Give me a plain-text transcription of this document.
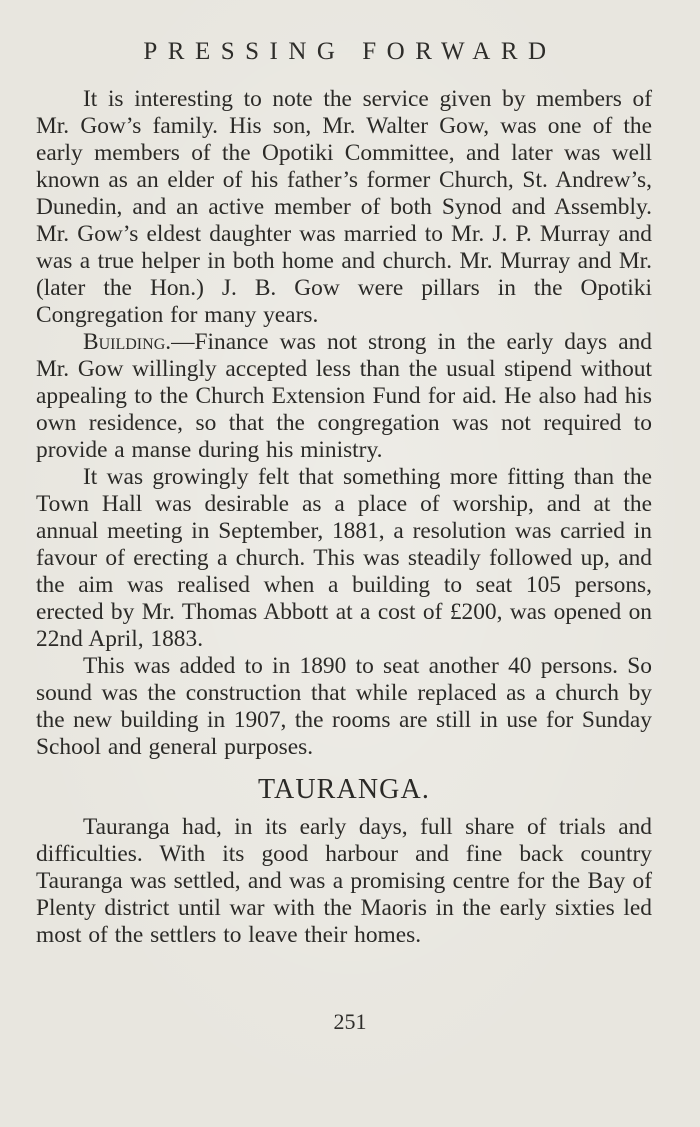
PRESSING FORWARD

It is interesting to note the service given by members of Mr. Gow’s family. His son, Mr. Walter Gow, was one of the early members of the Opotiki Committee, and later was well known as an elder of his father’s former Church, St. Andrew’s, Dunedin, and an active member of both Synod and Assembly. Mr. Gow’s eldest daughter was married to Mr. J. P. Murray and was a true helper in both home and church. Mr. Murray and Mr. (later the Hon.) J. B. Gow were pillars in the Opotiki Congregation for many years.

Building.—Finance was not strong in the early days and Mr. Gow willingly accepted less than the usual stipend without appealing to the Church Extension Fund for aid. He also had his own residence, so that the congregation was not required to provide a manse during his ministry.

It was growingly felt that something more fitting than the Town Hall was desirable as a place of worship, and at the annual meeting in September, 1881, a resolution was carried in favour of erecting a church. This was steadily followed up, and the aim was realised when a building to seat 105 persons, erected by Mr. Thomas Abbott at a cost of £200, was opened on 22nd April, 1883.

This was added to in 1890 to seat another 40 persons. So sound was the construction that while replaced as a church by the new building in 1907, the rooms are still in use for Sunday School and general purposes.

TAURANGA.

Tauranga had, in its early days, full share of trials and difficulties. With its good harbour and fine back country Tauranga was settled, and was a promising centre for the Bay of Plenty district until war with the Maoris in the early sixties led most of the settlers to leave their homes.

251
